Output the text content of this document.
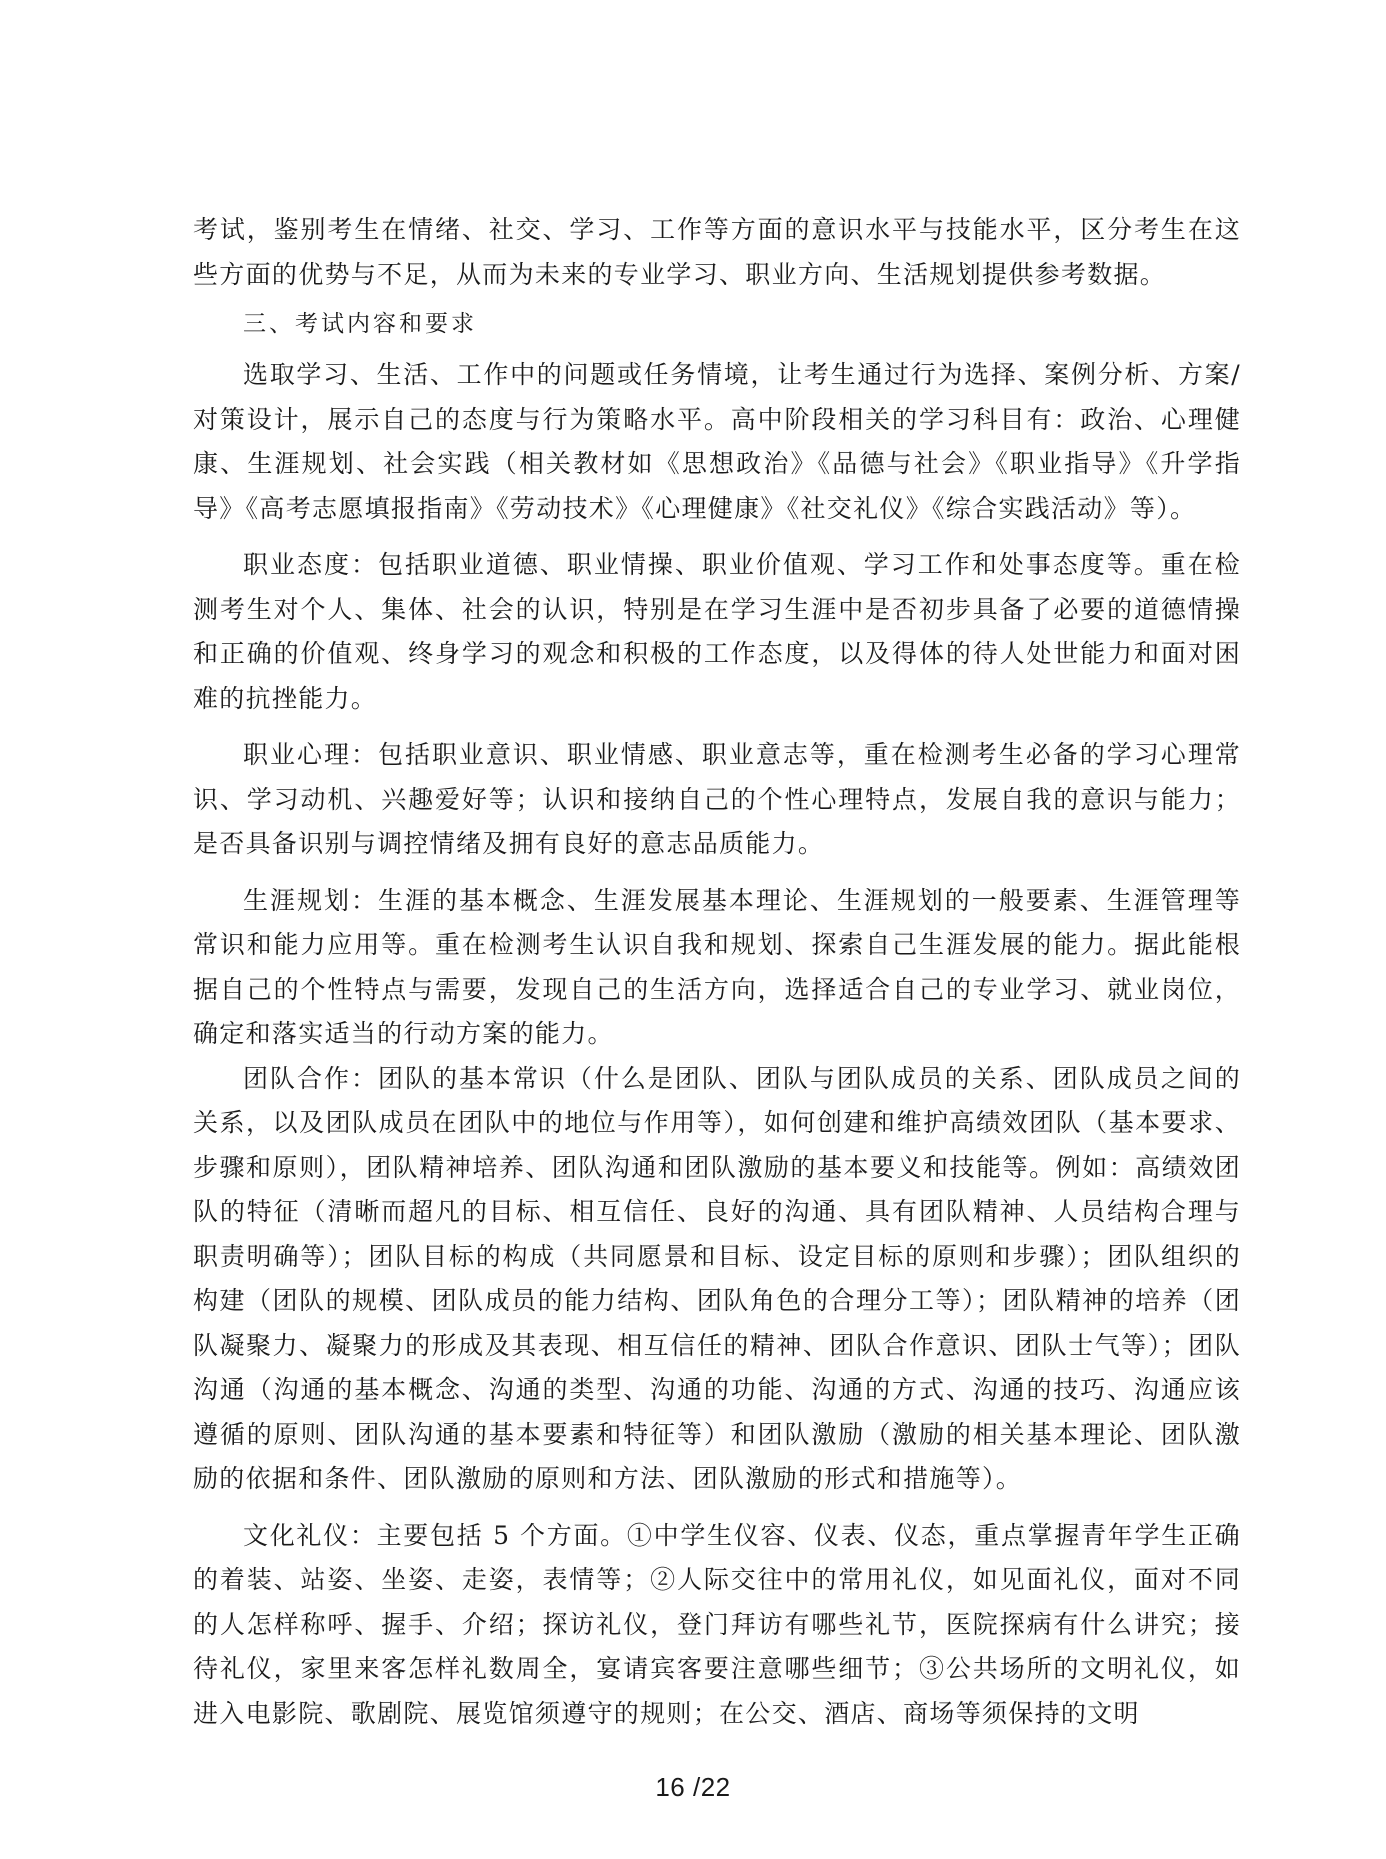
考试，鉴别考生在情绪、社交、学习、工作等方面的意识水平与技能水平，区分考生在这些方面的优势与不足，从而为未来的专业学习、职业方向、生活规划提供参考数据。

三、考试内容和要求

选取学习、生活、工作中的问题或任务情境，让考生通过行为选择、案例分析、方案/对策设计，展示自己的态度与行为策略水平。高中阶段相关的学习科目有：政治、心理健康、生涯规划、社会实践（相关教材如《思想政治》《品德与社会》《职业指导》《升学指导》《高考志愿填报指南》《劳动技术》《心理健康》《社交礼仪》《综合实践活动》等）。

职业态度：包括职业道德、职业情操、职业价值观、学习工作和处事态度等。重在检测考生对个人、集体、社会的认识，特别是在学习生涯中是否初步具备了必要的道德情操和正确的价值观、终身学习的观念和积极的工作态度，以及得体的待人处世能力和面对困难的抗挫能力。

职业心理：包括职业意识、职业情感、职业意志等，重在检测考生必备的学习心理常识、学习动机、兴趣爱好等；认识和接纳自己的个性心理特点，发展自我的意识与能力；是否具备识别与调控情绪及拥有良好的意志品质能力。

生涯规划：生涯的基本概念、生涯发展基本理论、生涯规划的一般要素、生涯管理等常识和能力应用等。重在检测考生认识自我和规划、探索自己生涯发展的能力。据此能根据自己的个性特点与需要，发现自己的生活方向，选择适合自己的专业学习、就业岗位，确定和落实适当的行动方案的能力。

团队合作：团队的基本常识（什么是团队、团队与团队成员的关系、团队成员之间的关系，以及团队成员在团队中的地位与作用等），如何创建和维护高绩效团队（基本要求、步骤和原则），团队精神培养、团队沟通和团队激励的基本要义和技能等。例如：高绩效团队的特征（清晰而超凡的目标、相互信任、良好的沟通、具有团队精神、人员结构合理与职责明确等）；团队目标的构成（共同愿景和目标、设定目标的原则和步骤）；团队组织的构建（团队的规模、团队成员的能力结构、团队角色的合理分工等）；团队精神的培养（团队凝聚力、凝聚力的形成及其表现、相互信任的精神、团队合作意识、团队士气等）；团队沟通（沟通的基本概念、沟通的类型、沟通的功能、沟通的方式、沟通的技巧、沟通应该遵循的原则、团队沟通的基本要素和特征等）和团队激励（激励的相关基本理论、团队激励的依据和条件、团队激励的原则和方法、团队激励的形式和措施等）。

文化礼仪：主要包括 5 个方面。①中学生仪容、仪表、仪态，重点掌握青年学生正确的着装、站姿、坐姿、走姿，表情等；②人际交往中的常用礼仪，如见面礼仪，面对不同的人怎样称呼、握手、介绍；探访礼仪，登门拜访有哪些礼节，医院探病有什么讲究；接待礼仪，家里来客怎样礼数周全，宴请宾客要注意哪些细节；③公共场所的文明礼仪，如进入电影院、歌剧院、展览馆须遵守的规则；在公交、酒店、商场等须保持的文明

16 /22
